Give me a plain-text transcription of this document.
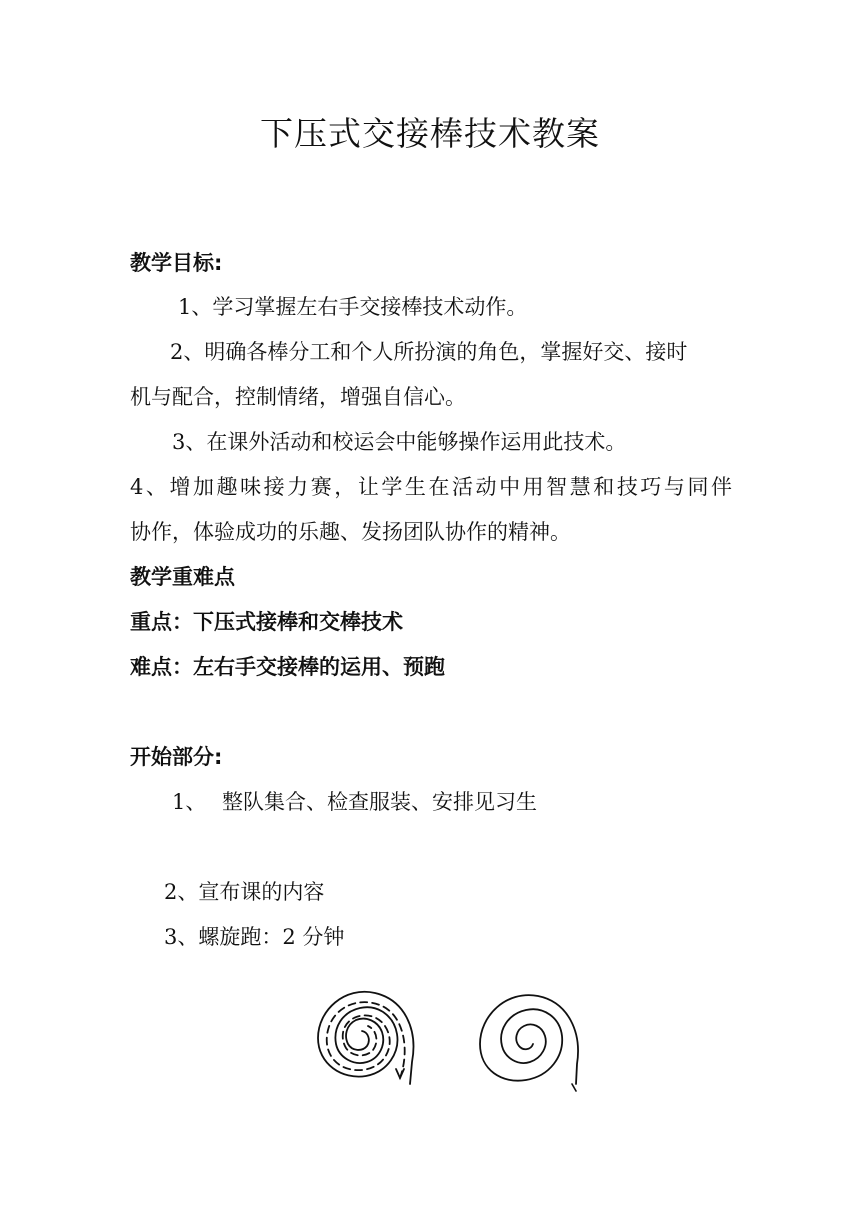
下压式交接棒技术教案
教学目标:
1、学习掌握左右手交接棒技术动作。
2、明确各棒分工和个人所扮演的角色，掌握好交、接时
机与配合，控制情绪，增强自信心。
3、在课外活动和校运会中能够操作运用此技术。
4、增加趣味接力赛，让学生在活动中用智慧和技巧与同伴
协作，体验成功的乐趣、发扬团队协作的精神。
教学重难点
重点：下压式接棒和交棒技术
难点：左右手交接棒的运用、预跑
开始部分:
1、 整队集合、检查服装、安排见习生
2、宣布课的内容
3、螺旋跑：2 分钟
